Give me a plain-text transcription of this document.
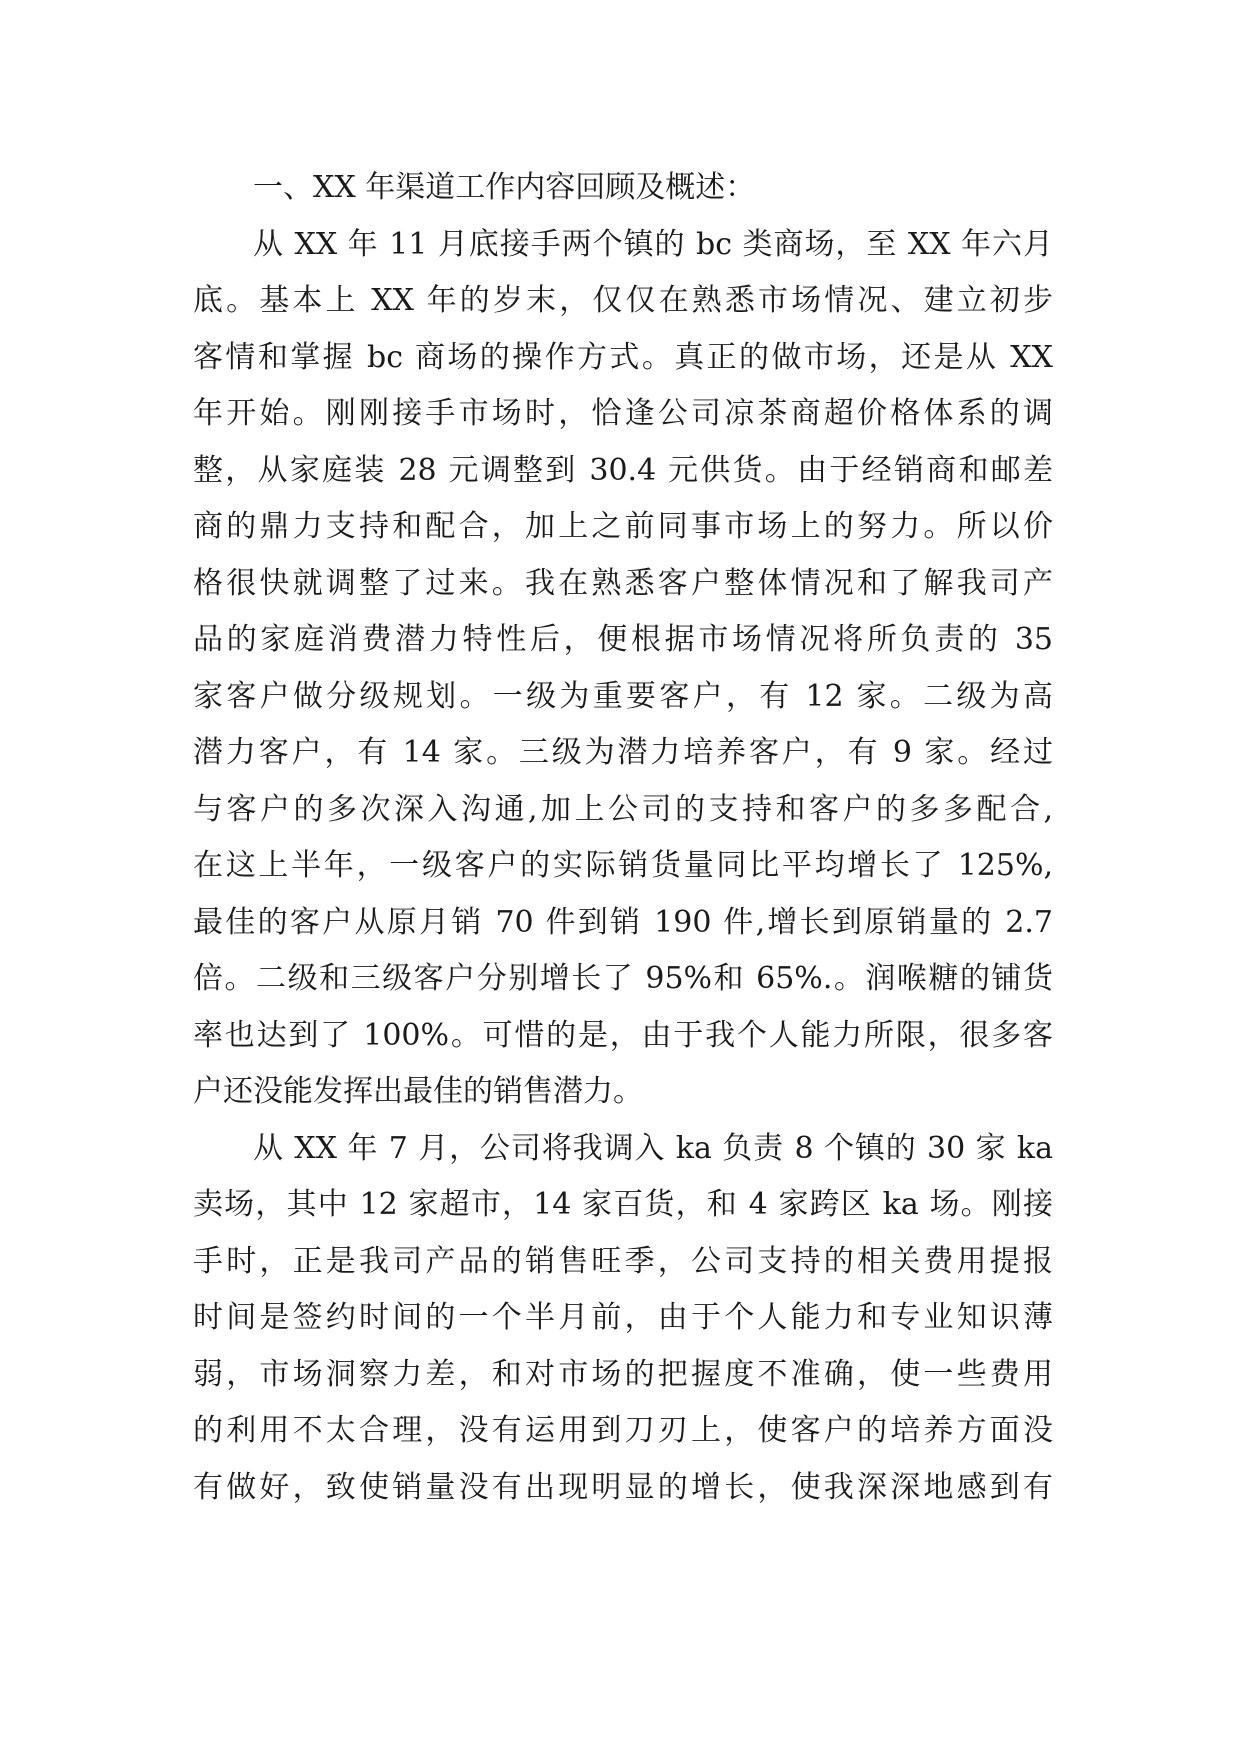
一、XX 年渠道工作内容回顾及概述：
从 XX 年 11 月底接手两个镇的 bc 类商场，至 XX 年六月
底。基本上 XX 年的岁末，仅仅在熟悉市场情况、建立初步
客情和掌握 bc 商场的操作方式。真正的做市场，还是从 XX
年开始。刚刚接手市场时，恰逢公司凉茶商超价格体系的调
整，从家庭装 28 元调整到 30.4 元供货。由于经销商和邮差
商的鼎力支持和配合，加上之前同事市场上的努力。所以价
格很快就调整了过来。我在熟悉客户整体情况和了解我司产
品的家庭消费潜力特性后，便根据市场情况将所负责的 35
家客户做分级规划。一级为重要客户，有 12 家。二级为高
潜力客户，有 14 家。三级为潜力培养客户，有 9 家。经过
与客户的多次深入沟通,加上公司的支持和客户的多多配合,
在这上半年，一级客户的实际销货量同比平均增长了 125%,
最佳的客户从原月销 70 件到销 190 件,增长到原销量的 2.7
倍。二级和三级客户分别增长了 95%和 65%.。润喉糖的铺货
率也达到了 100%。可惜的是，由于我个人能力所限，很多客
户还没能发挥出最佳的销售潜力。
从 XX 年 7 月，公司将我调入 ka 负责 8 个镇的 30 家 ka
卖场，其中 12 家超市，14 家百货，和 4 家跨区 ka 场。刚接
手时，正是我司产品的销售旺季，公司支持的相关费用提报
时间是签约时间的一个半月前，由于个人能力和专业知识薄
弱，市场洞察力差，和对市场的把握度不准确，使一些费用
的利用不太合理，没有运用到刀刃上，使客户的培养方面没
有做好，致使销量没有出现明显的增长，使我深深地感到有
